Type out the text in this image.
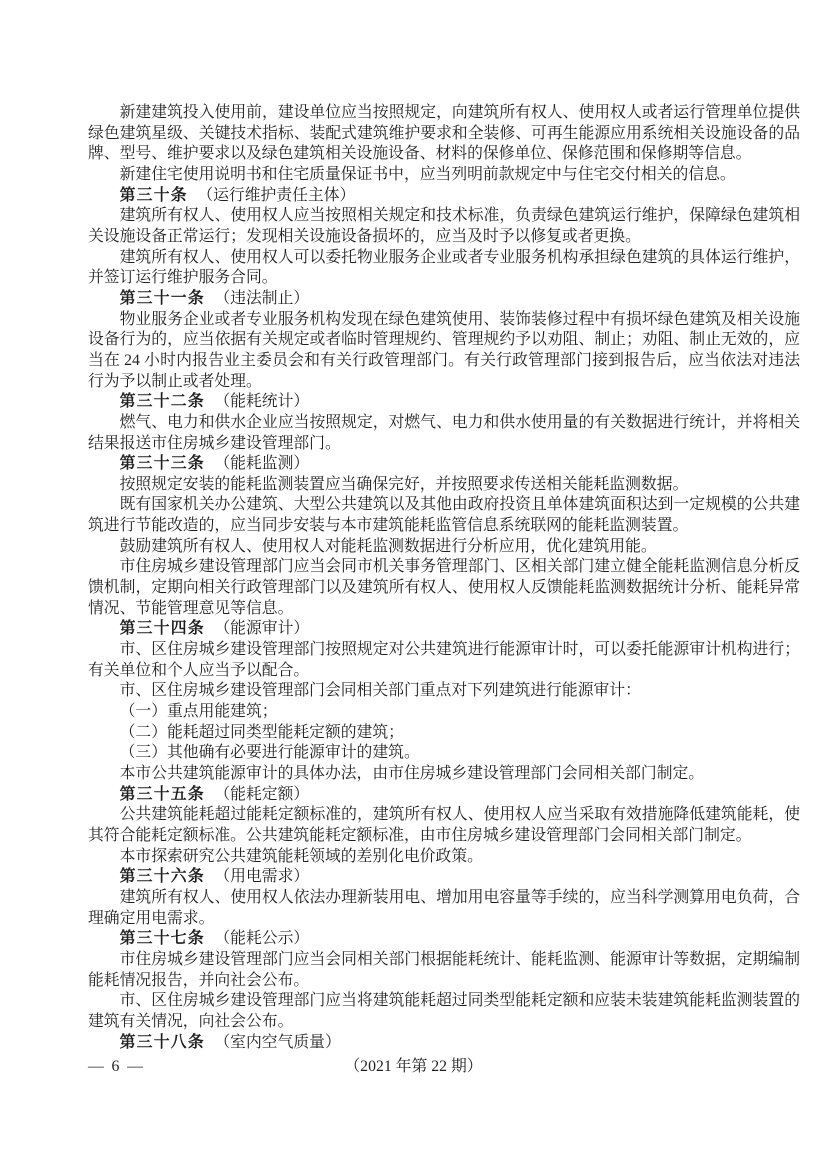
新建建筑投入使用前，建设单位应当按照规定，向建筑所有权人、使用权人或者运行管理单位提供绿色建筑星级、关键技术指标、装配式建筑维护要求和全装修、可再生能源应用系统相关设施设备的品牌、型号、维护要求以及绿色建筑相关设施设备、材料的保修单位、保修范围和保修期等信息。

新建住宅使用说明书和住宅质量保证书中，应当列明前款规定中与住宅交付相关的信息。

第三十条 （运行维护责任主体）

建筑所有权人、使用权人应当按照相关规定和技术标准，负责绿色建筑运行维护，保障绿色建筑相关设施设备正常运行；发现相关设施设备损坏的，应当及时予以修复或者更换。

建筑所有权人、使用权人可以委托物业服务企业或者专业服务机构承担绿色建筑的具体运行维护，并签订运行维护服务合同。

第三十一条 （违法制止）

物业服务企业或者专业服务机构发现在绿色建筑使用、装饰装修过程中有损坏绿色建筑及相关设施设备行为的，应当依据有关规定或者临时管理规约、管理规约予以劝阻、制止；劝阻、制止无效的，应当在 24 小时内报告业主委员会和有关行政管理部门。有关行政管理部门接到报告后，应当依法对违法行为予以制止或者处理。

第三十二条 （能耗统计）

燃气、电力和供水企业应当按照规定，对燃气、电力和供水使用量的有关数据进行统计，并将相关结果报送市住房城乡建设管理部门。

第三十三条 （能耗监测）

按照规定安装的能耗监测装置应当确保完好，并按照要求传送相关能耗监测数据。

既有国家机关办公建筑、大型公共建筑以及其他由政府投资且单体建筑面积达到一定规模的公共建筑进行节能改造的，应当同步安装与本市建筑能耗监管信息系统联网的能耗监测装置。

鼓励建筑所有权人、使用权人对能耗监测数据进行分析应用，优化建筑用能。

市住房城乡建设管理部门应当会同市机关事务管理部门、区相关部门建立健全能耗监测信息分析反馈机制，定期向相关行政管理部门以及建筑所有权人、使用权人反馈能耗监测数据统计分析、能耗异常情况、节能管理意见等信息。

第三十四条 （能源审计）

市、区住房城乡建设管理部门按照规定对公共建筑进行能源审计时，可以委托能源审计机构进行；有关单位和个人应当予以配合。

市、区住房城乡建设管理部门会同相关部门重点对下列建筑进行能源审计：

（一）重点用能建筑；

（二）能耗超过同类型能耗定额的建筑；

（三）其他确有必要进行能源审计的建筑。

本市公共建筑能源审计的具体办法，由市住房城乡建设管理部门会同相关部门制定。

第三十五条 （能耗定额）

公共建筑能耗超过能耗定额标准的，建筑所有权人、使用权人应当采取有效措施降低建筑能耗，使其符合能耗定额标准。公共建筑能耗定额标准，由市住房城乡建设管理部门会同相关部门制定。

本市探索研究公共建筑能耗领域的差别化电价政策。

第三十六条 （用电需求）

建筑所有权人、使用权人依法办理新装用电、增加用电容量等手续的，应当科学测算用电负荷，合理确定用电需求。

第三十七条 （能耗公示）

市住房城乡建设管理部门应当会同相关部门根据能耗统计、能耗监测、能源审计等数据，定期编制能耗情况报告，并向社会公布。

市、区住房城乡建设管理部门应当将建筑能耗超过同类型能耗定额和应装未装建筑能耗监测装置的建筑有关情况，向社会公布。

第三十八条 （室内空气质量）

— 6 —	（2021 年第 22 期）
